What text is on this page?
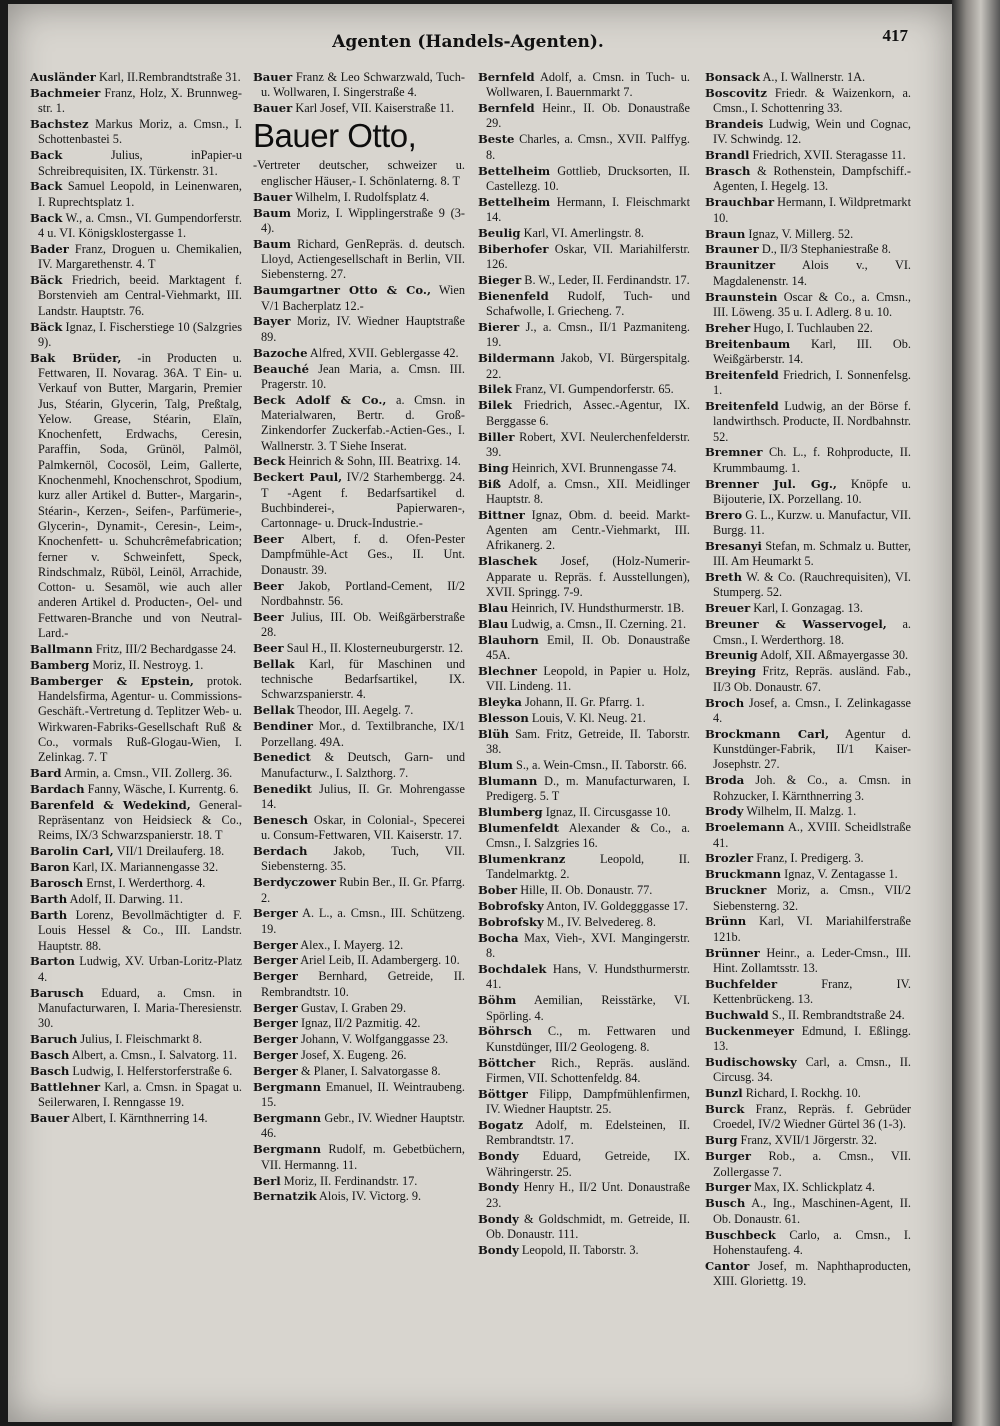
Agenten (Handels-Agenten).	417
Ausländer Karl, II.Rembrandtstraße 31.
Bachmeier Franz, Holz, X. Brunnwegstr. 1.
Bachstez Markus Moriz, a. Cmsn., I. Schottenbastei 5.
Back	Julius, inPapier-u Schreibrequisiten, IX. Türkenstr. 31.
Back Samuel Leopold, in Leinenwaren, I. Ruprechtsplatz 1.
Back W., a. Cmsn., VI. Gumpendorferstr. 4 u. VI. Königsklostergasse 1.
Bader Franz, Droguen u. Chemikalien, IV. Margarethenstr. 4. T
Bäck Friedrich, beeid. Marktagent f. Borstenvieh am Central-Viehmarkt, III. Landstr. Hauptstr. 76.
Bäck Ignaz, I. Fischerstiege 10 (Salzgries 9).
Bak Brüder, -in Producten u. Fettwaren, II. Novarag. 36A. T Ein- u. Verkauf von Butter, Margarin, Premier Jus, Stéarin, Glycerin, Talg, Preßtalg, Yelow. Grease, Stéarin, Elaïn, Knochenfett, Erdwachs, Ceresin, Paraffin, Soda, Grünöl, Palmöl, Palmkernöl, Cocosöl, Leim, Gallerte, Knochenmehl, Knochenschrot, Spodium, kurz aller Artikel d. Butter-, Margarin-, Stéarin-, Kerzen-, Seifen-, Parfümerie-, Glycerin-, Dynamit-, Ceresin-, Leim-, Knochenfett- u. Schuhcrêmefabrication; ferner v. Schweinfett, Speck, Rindschmalz, Rüböl, Leinöl, Arrachide, Cotton- u. Sesamöl, wie auch aller anderen Artikel d. Producten-, Oel- und Fettwaren-Branche und von Neutral-Lard.-
Ballmann Fritz, III/2 Bechardgasse 24.
Bamberg Moriz, II. Nestroyg. 1.
Bamberger & Epstein, protok. Handelsfirma, Agentur- u. Commissions-Geschäft.-Vertretung d. Teplitzer Web- u. Wirkwaren-Fabriks-Gesellschaft Ruß & Co., vormals Ruß-Glogau-Wien, I. Zelinkag. 7. T
Bard Armin, a. Cmsn., VII. Zollerg. 36.
Bardach Fanny, Wäsche, I. Kurrentg. 6.
Barenfeld & Wedekind, General-Repräsentanz von Heidsieck & Co., Reims, IX/3 Schwarzspanierstr. 18. T
Barolin Carl, VII/1 Dreilauferg. 18.
Baron Karl, IX. Mariannengasse 32.
Barosch Ernst, I. Werderthorg. 4.
Barth Adolf, II. Darwing. 11.
Barth Lorenz, Bevollmächtigter d. F. Louis Hessel & Co., III. Landstr. Hauptstr. 88.
Barton Ludwig, XV. Urban-Loritz-Platz 4.
Barusch Eduard, a. Cmsn. in Manufacturwaren, I. Maria-Theresienstr. 30.
Baruch Julius, I. Fleischmarkt 8.
Basch Albert, a. Cmsn., I. Salvatorg. 11.
Basch Ludwig, I. Helferstorferstraße 6.
Battlehner Karl, a. Cmsn. in Spagat u. Seilerwaren, I. Renngasse 19.
Bauer Albert, I. Kärnthnerring 14.
Bauer Franz & Leo Schwarzwald, Tuch- u. Wollwaren, I. Singerstraße 4.
Bauer Karl Josef, VII. Kaiserstraße 11.
Bauer Otto,
-Vertreter deutscher, schweizer u. englischer Häuser,- I. Schönlaterng. 8. T
Bauer Wilhelm, I. Rudolfsplatz 4.
Baum Moriz, I. Wipplingerstraße 9 (3-4).
Baum Richard, GenRepräs. d. deutsch. Lloyd, Actiengesellschaft in Berlin, VII. Siebensterng. 27.
Baumgartner Otto & Co., Wien V/1 Bacherplatz 12.-
Bayer Moriz, IV. Wiedner Hauptstraße 89.
Bazoche Alfred, XVII. Geblergasse 42.
Beauché Jean Maria, a. Cmsn. III. Pragerstr. 10.
Beck Adolf & Co., a. Cmsn. in Materialwaren, Bertr. d. Groß-Zinkendorfer Zuckerfab.-Actien-Ges., I. Wallnerstr. 3. T Siehe Inserat.
Beck Heinrich & Sohn, III. Beatrixg. 14.
Beckert Paul, IV/2 Starhembergg. 24. T -Agent f. Bedarfsartikel d. Buchbinderei-, Papierwaren-, Cartonnage- u. Druck-Industrie.-
Beer Albert, f. d. Ofen-Pester Dampfmühle-Act Ges., II. Unt. Donaustr. 39.
Beer Jakob, Portland-Cement, II/2 Nordbahnstr. 56.
Beer Julius, III. Ob. Weißgärberstraße 28.
Beer Saul H., II. Klosterneuburgerstr. 12.
Bellak Karl, für Maschinen und technische Bedarfsartikel, IX. Schwarzspanierstr. 4.
Bellak Theodor, III. Aegelg. 7.
Bendiner Mor., d. Textilbranche, IX/1 Porzellang. 49A.
Benedict & Deutsch, Garn- und Manufacturw., I. Salzthorg. 7.
Benedikt Julius, II. Gr. Mohrengasse 14.
Benesch Oskar, in Colonial-, Specerei u. Consum-Fettwaren, VII. Kaiserstr. 17.
Berdach Jakob, Tuch, VII. Siebensterng. 35.
Berdyczower Rubin Ber., II. Gr. Pfarrg. 2.
Berger A. L., a. Cmsn., III. Schützeng. 19.
Berger Alex., I. Mayerg. 12.
Berger Ariel Leib, II. Adambergerg. 10.
Berger Bernhard, Getreide, II. Rembrandtstr. 10.
Berger Gustav, I. Graben 29.
Berger Ignaz, II/2 Pazmitig. 42.
Berger Johann, V. Wolfganggasse 23.
Berger Josef, X. Eugeng. 26.
Berger & Planer, I. Salvatorgasse 8.
Bergmann Emanuel, II. Weintraubeng. 15.
Bergmann Gebr., IV. Wiedner Hauptstr. 46.
Bergmann Rudolf, m. Gebetbüchern, VII. Hermanng. 11.
Berl Moriz, II. Ferdinandstr. 17.
Bernatzik Alois, IV. Victorg. 9.
Bernfeld Adolf, a. Cmsn. in Tuch- u. Wollwaren, I. Bauernmarkt 7.
Bernfeld Heinr., II. Ob. Donaustraße 29.
Beste Charles, a. Cmsn., XVII. Palffyg. 8.
Bettelheim Gottlieb, Drucksorten, II. Castellezg. 10.
Bettelheim Hermann, I. Fleischmarkt 14.
Beulig Karl, VI. Amerlingstr. 8.
Biberhofer Oskar, VII. Mariahilferstr. 126.
Bieger B. W., Leder, II. Ferdinandstr. 17.
Bienenfeld Rudolf, Tuch- und Schafwolle, I. Griecheng. 7.
Bierer J., a. Cmsn., II/1 Pazmaniteng. 19.
Bildermann Jakob, VI. Bürgerspitalg. 22.
Bilek Franz, VI. Gumpendorferstr. 65.
Bilek Friedrich, Assec.-Agentur, IX. Berggasse 6.
Biller Robert, XVI. Neulerchenfelderstr. 39.
Bing Heinrich, XVI. Brunnengasse 74.
Biß Adolf, a. Cmsn., XII. Meidlinger Hauptstr. 8.
Bittner Ignaz, Obm. d. beeid. Markt-Agenten am Centr.-Viehmarkt, III. Afrikanerg. 2.
Blaschek Josef, (Holz-Numerir-Apparate u. Repräs. f. Ausstellungen), XVII. Springg. 7-9.
Blau Heinrich, IV. Hundsthurmerstr. 1B.
Blau Ludwig, a. Cmsn., II. Czerning. 21.
Blauhorn Emil, II. Ob. Donaustraße 45A.
Blechner Leopold, in Papier u. Holz, VII. Lindeng. 11.
Bleyka Johann, II. Gr. Pfarrg. 1.
Blesson Louis, V. Kl. Neug. 21.
Blüh Sam. Fritz, Getreide, II. Taborstr. 38.
Blum S., a. Wein-Cmsn., II. Taborstr. 66.
Blumann D., m. Manufacturwaren, I. Predigerg. 5. T
Blumberg Ignaz, II. Circusgasse 10.
Blumenfeldt Alexander & Co., a. Cmsn., I. Salzgries 16.
Blumenkranz	Leopold, II. Tandelmarktg. 2.
Bober Hille, II. Ob. Donaustr. 77.
Bobrofsky Anton, IV. Goldegggasse 17.
Bobrofsky M., IV. Belvedereg. 8.
Bocha Max, Vieh-, XVI. Mangingerstr. 8.
Bochdalek Hans, V. Hundsthurmerstr. 41.
Böhm Aemilian, Reisstärke, VI. Spörling. 4.
Böhrsch C., m. Fettwaren und Kunstdünger, III/2 Geologeng. 8.
Böttcher Rich., Repräs. ausländ. Firmen, VII. Schottenfeldg. 84.
Böttger Filipp, Dampfmühlenfirmen, IV. Wiedner Hauptstr. 25.
Bogatz Adolf, m. Edelsteinen, II. Rembrandtstr. 17.
Bondy Eduard, Getreide, IX. Währingerstr. 25.
Bondy Henry H., II/2 Unt. Donaustraße 23.
Bondy & Goldschmidt, m. Getreide, II. Ob. Donaustr. 111.
Bondy Leopold, II. Taborstr. 3.
Bonsack A., I. Wallnerstr. 1A.
Boscovitz Friedr. & Waizenkorn, a. Cmsn., I. Schottenring 33.
Brandeis Ludwig, Wein und Cognac, IV. Schwindg. 12.
Brandl Friedrich, XVII. Steragasse 11.
Brasch & Rothenstein, Dampfschiff.-Agenten, I. Hegelg. 13.
Brauchbar Hermann, I. Wildpretmarkt 10.
Braun Ignaz, V. Millerg. 52.
Brauner D., II/3 Stephaniestraße 8.
Braunitzer Alois v., VI. Magdalenenstr. 14.
Braunstein Oscar & Co., a. Cmsn., III. Löweng. 35 u. I. Adlerg. 8 u. 10.
Breher Hugo, I. Tuchlauben 22.
Breitenbaum Karl, III. Ob. Weißgärberstr. 14.
Breitenfeld Friedrich, I. Sonnenfelsg. 1.
Breitenfeld Ludwig, an der Börse f. landwirthsch. Producte, II. Nordbahnstr. 52.
Bremner Ch. L., f. Rohproducte, II. Krummbaumg. 1.
Brenner Jul. Gg., Knöpfe u. Bijouterie, IX. Porzellang. 10.
Brero G. L., Kurzw. u. Manufactur, VII. Burgg. 11.
Bresanyi Stefan, m. Schmalz u. Butter, III. Am Heumarkt 5.
Breth W. & Co. (Rauchrequisiten), VI. Stumperg. 52.
Breuer Karl, I. Gonzagag. 13.
Breuner & Wasservogel, a. Cmsn., I. Werderthorg. 18.
Breunig Adolf, XII. Aßmayergasse 30.
Breying Fritz, Repräs. ausländ. Fab., II/3 Ob. Donaustr. 67.
Broch Josef, a. Cmsn., I. Zelinkagasse 4.
Brockmann Carl, Agentur d. Kunstdünger-Fabrik, II/1 Kaiser-Josephstr. 27.
Broda Joh. & Co., a. Cmsn. in Rohzucker, I. Kärnthnerring 3.
Brody Wilhelm, II. Malzg. 1.
Broelemann A., XVIII. Scheidlstraße 41.
Brozler Franz, I. Predigerg. 3.
Bruckmann Ignaz, V. Zentagasse 1.
Bruckner Moriz, a. Cmsn., VII/2 Siebensterng. 32.
Brünn Karl, VI. Mariahilferstraße 121b.
Brünner Heinr., a. Leder-Cmsn., III. Hint. Zollamtsstr. 13.
Buchfelder	Franz, IV. Kettenbrückeng. 13.
Buchwald S., II. Rembrandtstraße 24.
Buckenmeyer Edmund, I. Eßlingg. 13.
Budischowsky Carl, a. Cmsn., II. Circusg. 34.
Bunzl Richard, I. Rockhg. 10.
Burck Franz, Repräs. f. Gebrüder Croedel, IV/2 Wiedner Gürtel 36 (1-3).
Burg Franz, XVII/1 Jörgerstr. 32.
Burger Rob., a. Cmsn., VII. Zollergasse 7.
Burger Max, IX. Schlickplatz 4.
Busch A., Ing., Maschinen-Agent, II. Ob. Donaustr. 61.
Buschbeck Carlo, a. Cmsn., I. Hohenstaufeng. 4.
Cantor Josef, m. Naphthaproducten, XIII. Gloriettg. 19.
